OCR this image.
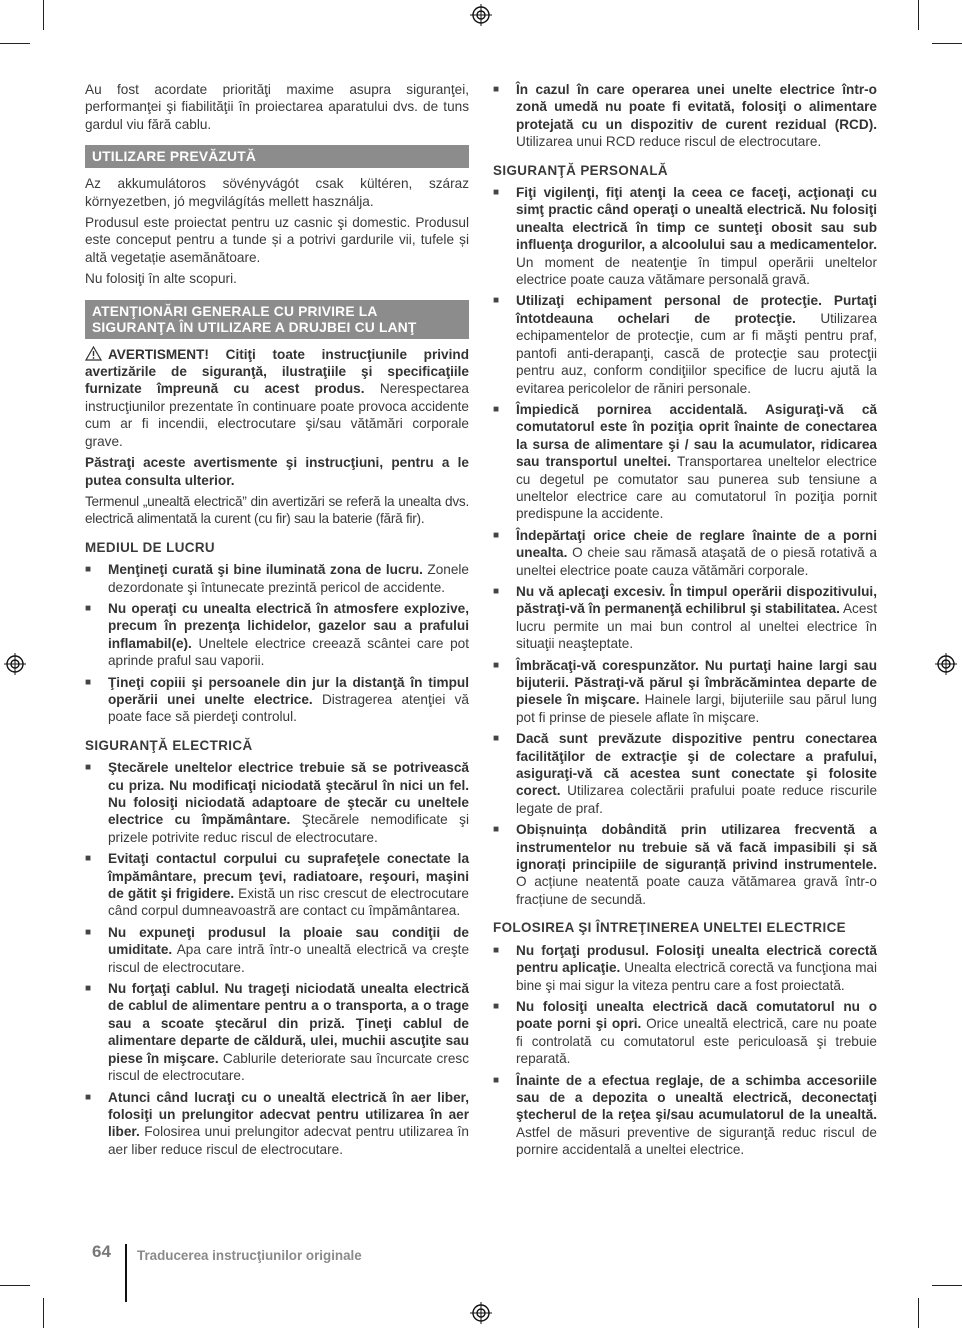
Au fost acordate priorităţi maxime asupra siguranţei, performanţei şi fiabilităţii în proiectarea aparatului dvs. de tuns gardul viu fără cablu.

UTILIZARE PREVĂZUTĂ

Az akkumulátoros sövényvágót csak kültéren, száraz környezetben, jó megvilágítás mellett használja.

Produsul este proiectat pentru uz casnic şi domestic. Produsul este conceput pentru a tunde și a potrivi gardurile vii, tufele și altă vegetație asemănătoare.

Nu folosiţi în alte scopuri.

ATENŢIONĂRI GENERALE CU PRIVIRE LA SIGURANŢA ÎN UTILIZARE A DRUJBEI CU LANŢ

AVERTISMENT! Citiţi toate instrucţiunile privind avertizările de siguranţă, ilustraţiile şi specificaţiile furnizate împreună cu acest produs. Nerespectarea instrucţiunilor prezentate în continuare poate provoca accidente cum ar fi incendii, electrocutare şi/sau vătămări corporale grave.

Păstraţi aceste avertismente şi instrucţiuni, pentru a le putea consulta ulterior.

Termenul „unealtă electrică” din avertizări se referă la unealta dvs. electrică alimentată la curent (cu fir) sau la baterie (fără fir).

MEDIUL DE LUCRU
■	Menţineţi curată şi bine iluminată zona de lucru. Zonele dezordonate şi întunecate prezintă pericol de accidente.
■	Nu operaţi cu unealta electrică în atmosfere explozive, precum în prezenţa lichidelor, gazelor sau a prafului inflamabil(e). Uneltele electrice creează scântei care pot aprinde praful sau vaporii.
■	Ţineţi copiii şi persoanele din jur la distanţă în timpul operării unei unelte electrice. Distragerea atenţiei vă poate face să pierdeţi controlul.
SIGURANŢĂ ELECTRICĂ
■	Ştecărele uneltelor electrice trebuie să se potrivească cu priza. Nu modificaţi niciodată ştecărul în nici un fel. Nu folosiţi niciodată adaptoare de ştecăr cu uneltele electrice cu împământare. Ştecărele nemodificate şi prizele potrivite reduc riscul de electrocutare.
■	Evitaţi contactul corpului cu suprafeţele conectate la împământare, precum ţevi, radiatoare, reşouri, maşini de gătit şi frigidere. Există un risc crescut de electrocutare când corpul dumneavoastră are contact cu împământarea.
■	Nu expuneţi produsul la ploaie sau condiţii de umiditate. Apa care intră într-o unealtă electrică va creşte riscul de electrocutare.
■	Nu forţaţi cablul. Nu trageţi niciodată unealta electrică de cablul de alimentare pentru a o transporta, a o trage sau a scoate ştecărul din priză. Ţineţi cablul de alimentare departe de căldură, ulei, muchii ascuţite sau piese în mişcare. Cablurile deteriorate sau încurcate cresc riscul de electrocutare.
■	Atunci când lucraţi cu o unealtă electrică în aer liber, folosiţi un prelungitor adecvat pentru utilizarea în aer liber. Folosirea unui prelungitor adecvat pentru utilizarea în aer liber reduce riscul de electrocutare.
■	În cazul în care operarea unei unelte electrice într-o zonă umedă nu poate fi evitată, folosiţi o alimentare protejată cu un dispozitiv de curent rezidual (RCD). Utilizarea unui RCD reduce riscul de electrocutare.
SIGURANŢĂ PERSONALĂ
■	Fiţi vigilenţi, fiţi atenţi la ceea ce faceţi, acţionaţi cu simţ practic când operaţi o unealtă electrică. Nu folosiţi unealta electrică în timp ce sunteţi obosit sau sub influenţa drogurilor, a alcoolului sau a medicamentelor. Un moment de neatenţie în timpul operării uneltelor electrice poate cauza vătămare personală gravă.
■	Utilizaţi echipament personal de protecţie. Purtaţi întotdeauna ochelari de protecţie. Utilizarea echipamentelor de protecţie, cum ar fi măşti pentru praf, pantofi anti-derapanţi, cască de protecţie sau protecţii pentru auz, conform condiţiilor specifice de lucru ajută la evitarea pericolelor de răniri personale.
■	Împiedică pornirea accidentală. Asiguraţi-vă că comutatorul este în poziţia oprit înainte de conectarea la sursa de alimentare şi / sau la acumulator, ridicarea sau transportul uneltei. Transportarea uneltelor electrice cu degetul pe comutator sau punerea sub tensiune a uneltelor electrice care au comutatorul în poziţia pornit predispune la accidente.
■	Îndepărtaţi orice cheie de reglare înainte de a porni unealta. O cheie sau rămasă ataşată de o piesă rotativă a uneltei electrice poate cauza vătămări corporale.
■	Nu vă aplecaţi excesiv. În timpul operării dispozitivului, păstraţi-vă în permanenţă echilibrul şi stabilitatea. Acest lucru permite un mai bun control al uneltei electrice în situaţii neaşteptate.
■	Îmbrăcaţi-vă corespunzător. Nu purtaţi haine largi sau bijuterii. Păstraţi-vă părul şi îmbrăcămintea departe de piesele în mişcare. Hainele largi, bijuteriile sau părul lung pot fi prinse de piesele aflate în mişcare.
■	Dacă sunt prevăzute dispozitive pentru conectarea facilităţilor de extracţie şi de colectare a prafului, asiguraţi-vă că acestea sunt conectate şi folosite corect. Utilizarea colectării prafului poate reduce riscurile legate de praf.
■	Obișnuința dobândită prin utilizarea frecventă a instrumentelor nu trebuie să vă facă impasibili și să ignorați principiile de siguranță privind instrumentele. O acțiune neatentă poate cauza vătămarea gravă într-o fracțiune de secundă.
FOLOSIREA ŞI ÎNTREŢINEREA UNELTEI ELECTRICE
■	Nu forţaţi produsul. Folosiţi unealta electrică corectă pentru aplicaţie. Unealta electrică corectă va funcţiona mai bine şi mai sigur la viteza pentru care a fost proiectată.
■	Nu folosiţi unealta electrică dacă comutatorul nu o poate porni şi opri. Orice unealtă electrică, care nu poate fi controlată cu comutatorul este periculoasă şi trebuie reparată.
■	Înainte de a efectua reglaje, de a schimba accesoriile sau de a depozita o unealtă electrică, deconectaţi ştecherul de la reţea şi/sau acumulatorul de la unealtă. Astfel de măsuri preventive de siguranţă reduc riscul de pornire accidentală a uneltei electrice.
64 Traducerea instrucţiunilor originale
